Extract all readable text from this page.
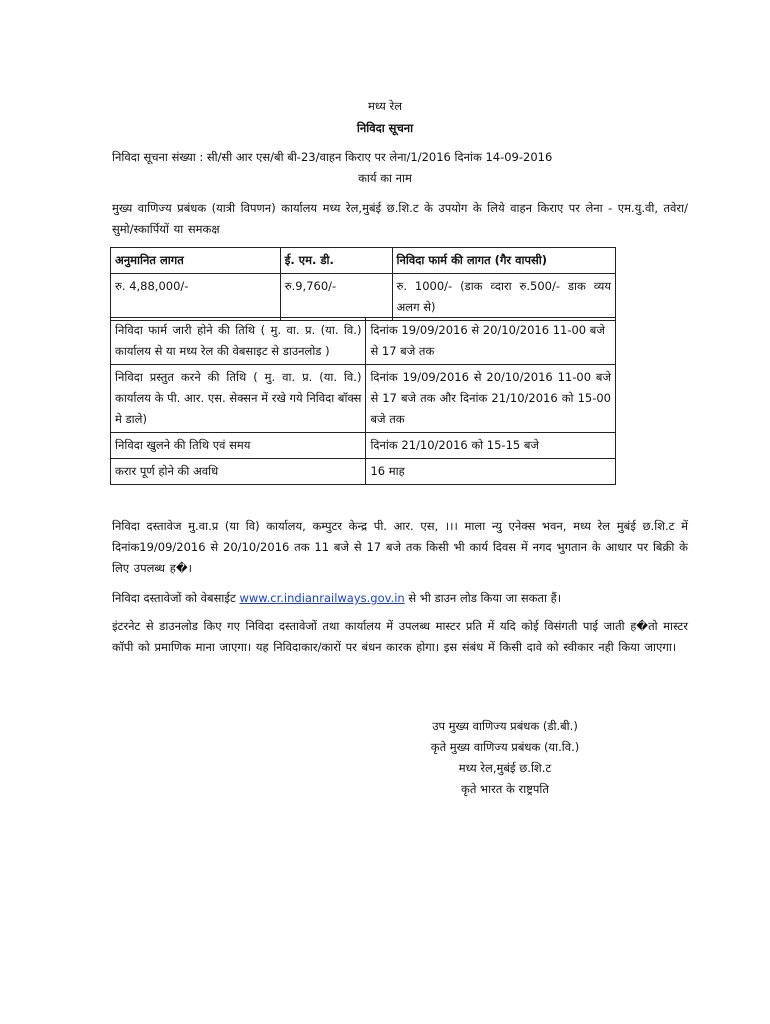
मध्य रेल
निविदा सूचना
निविदा सूचना संख्या : सी/सी आर एस/बी बी-23/वाहन किराए पर लेना/1/2016 दिनांक 14-09-2016
कार्य का नाम
मुख्य वाणिज्य प्रबंधक (यात्री विपणन) कार्यालय मध्य रेल,मुबंई छ.शि.ट के उपयोग के लिये वाहन किराए पर लेना - एम.यु.वी, तवेरा/सुमो/स्कार्पियों या समकक्ष
अनुमानित लागत	ई. एम. डी.	निविदा फार्म की लागत (गैर वापसी)
रु. 4,88,000/-	रु.9,760/-	रु. 1000/- (डाक व्दारा रु.500/- डाक व्यय अलग से)
निविदा फार्म जारी होने की तिथि ( मु. वा. प्र. (या. वि.) कार्यालय से या मध्य रेल की वेबसाइट से डाउनलोड )	दिनांक 19/09/2016 से 20/10/2016 11-00 बजे से 17 बजे तक
निविदा प्रस्तुत करने की तिथि ( मु. वा. प्र. (या. वि.) कार्यालय के पी. आर. एस. सेक्सन में रखे गये निविदा बॉक्स मे डाले)	दिनांक 19/09/2016 से 20/10/2016 11-00 बजे से 17 बजे तक और दिनांक 21/10/2016 को 15-00 बजे तक
निविदा खुलने की तिथि एवं समय	दिनांक 21/10/2016 को 15-15 बजे
करार पूर्ण होने की अवधि	16 माह
निविदा दस्तावेज मु.वा.प्र (या वि) कार्यालय, कम्पुटर केन्द्र पी. आर. एस, ।।। माला न्यु एनेक्स भवन, मध्य रेल मुबंई छ.शि.ट में दिनांक19/09/2016 से 20/10/2016 तक 11 बजे से 17 बजे तक किसी भी कार्य दिवस में नगद भुगतान के आधार पर बिक्री के लिए उपलब्ध ह�।
निविदा दस्तावेजों को वेबसाईट www.cr.indianrailways.gov.in से भी डाउन लोड किया जा सकता हैं।
इंटरनेट से डाउनलोड किए गए निविदा दस्तावेजों तथा कार्यालय में उपलब्ध मास्टर प्रति में यदि कोई विसंगती पाई जाती ह�तो मास्टर कॉपी को प्रमाणिक माना जाएगा। यह निविदाकार/कारों पर बंधन कारक होगा। इस संबंध में किसी दावे को स्वीकार नही किया जाएगा।
उप मुख्य वाणिज्य प्रबंधक (डी.बी.)
कृते मुख्य वाणिज्य प्रबंधक (या.वि.)
मध्य रेल,मुबंई छ.शि.ट
कृते भारत के राष्ट्रपति
